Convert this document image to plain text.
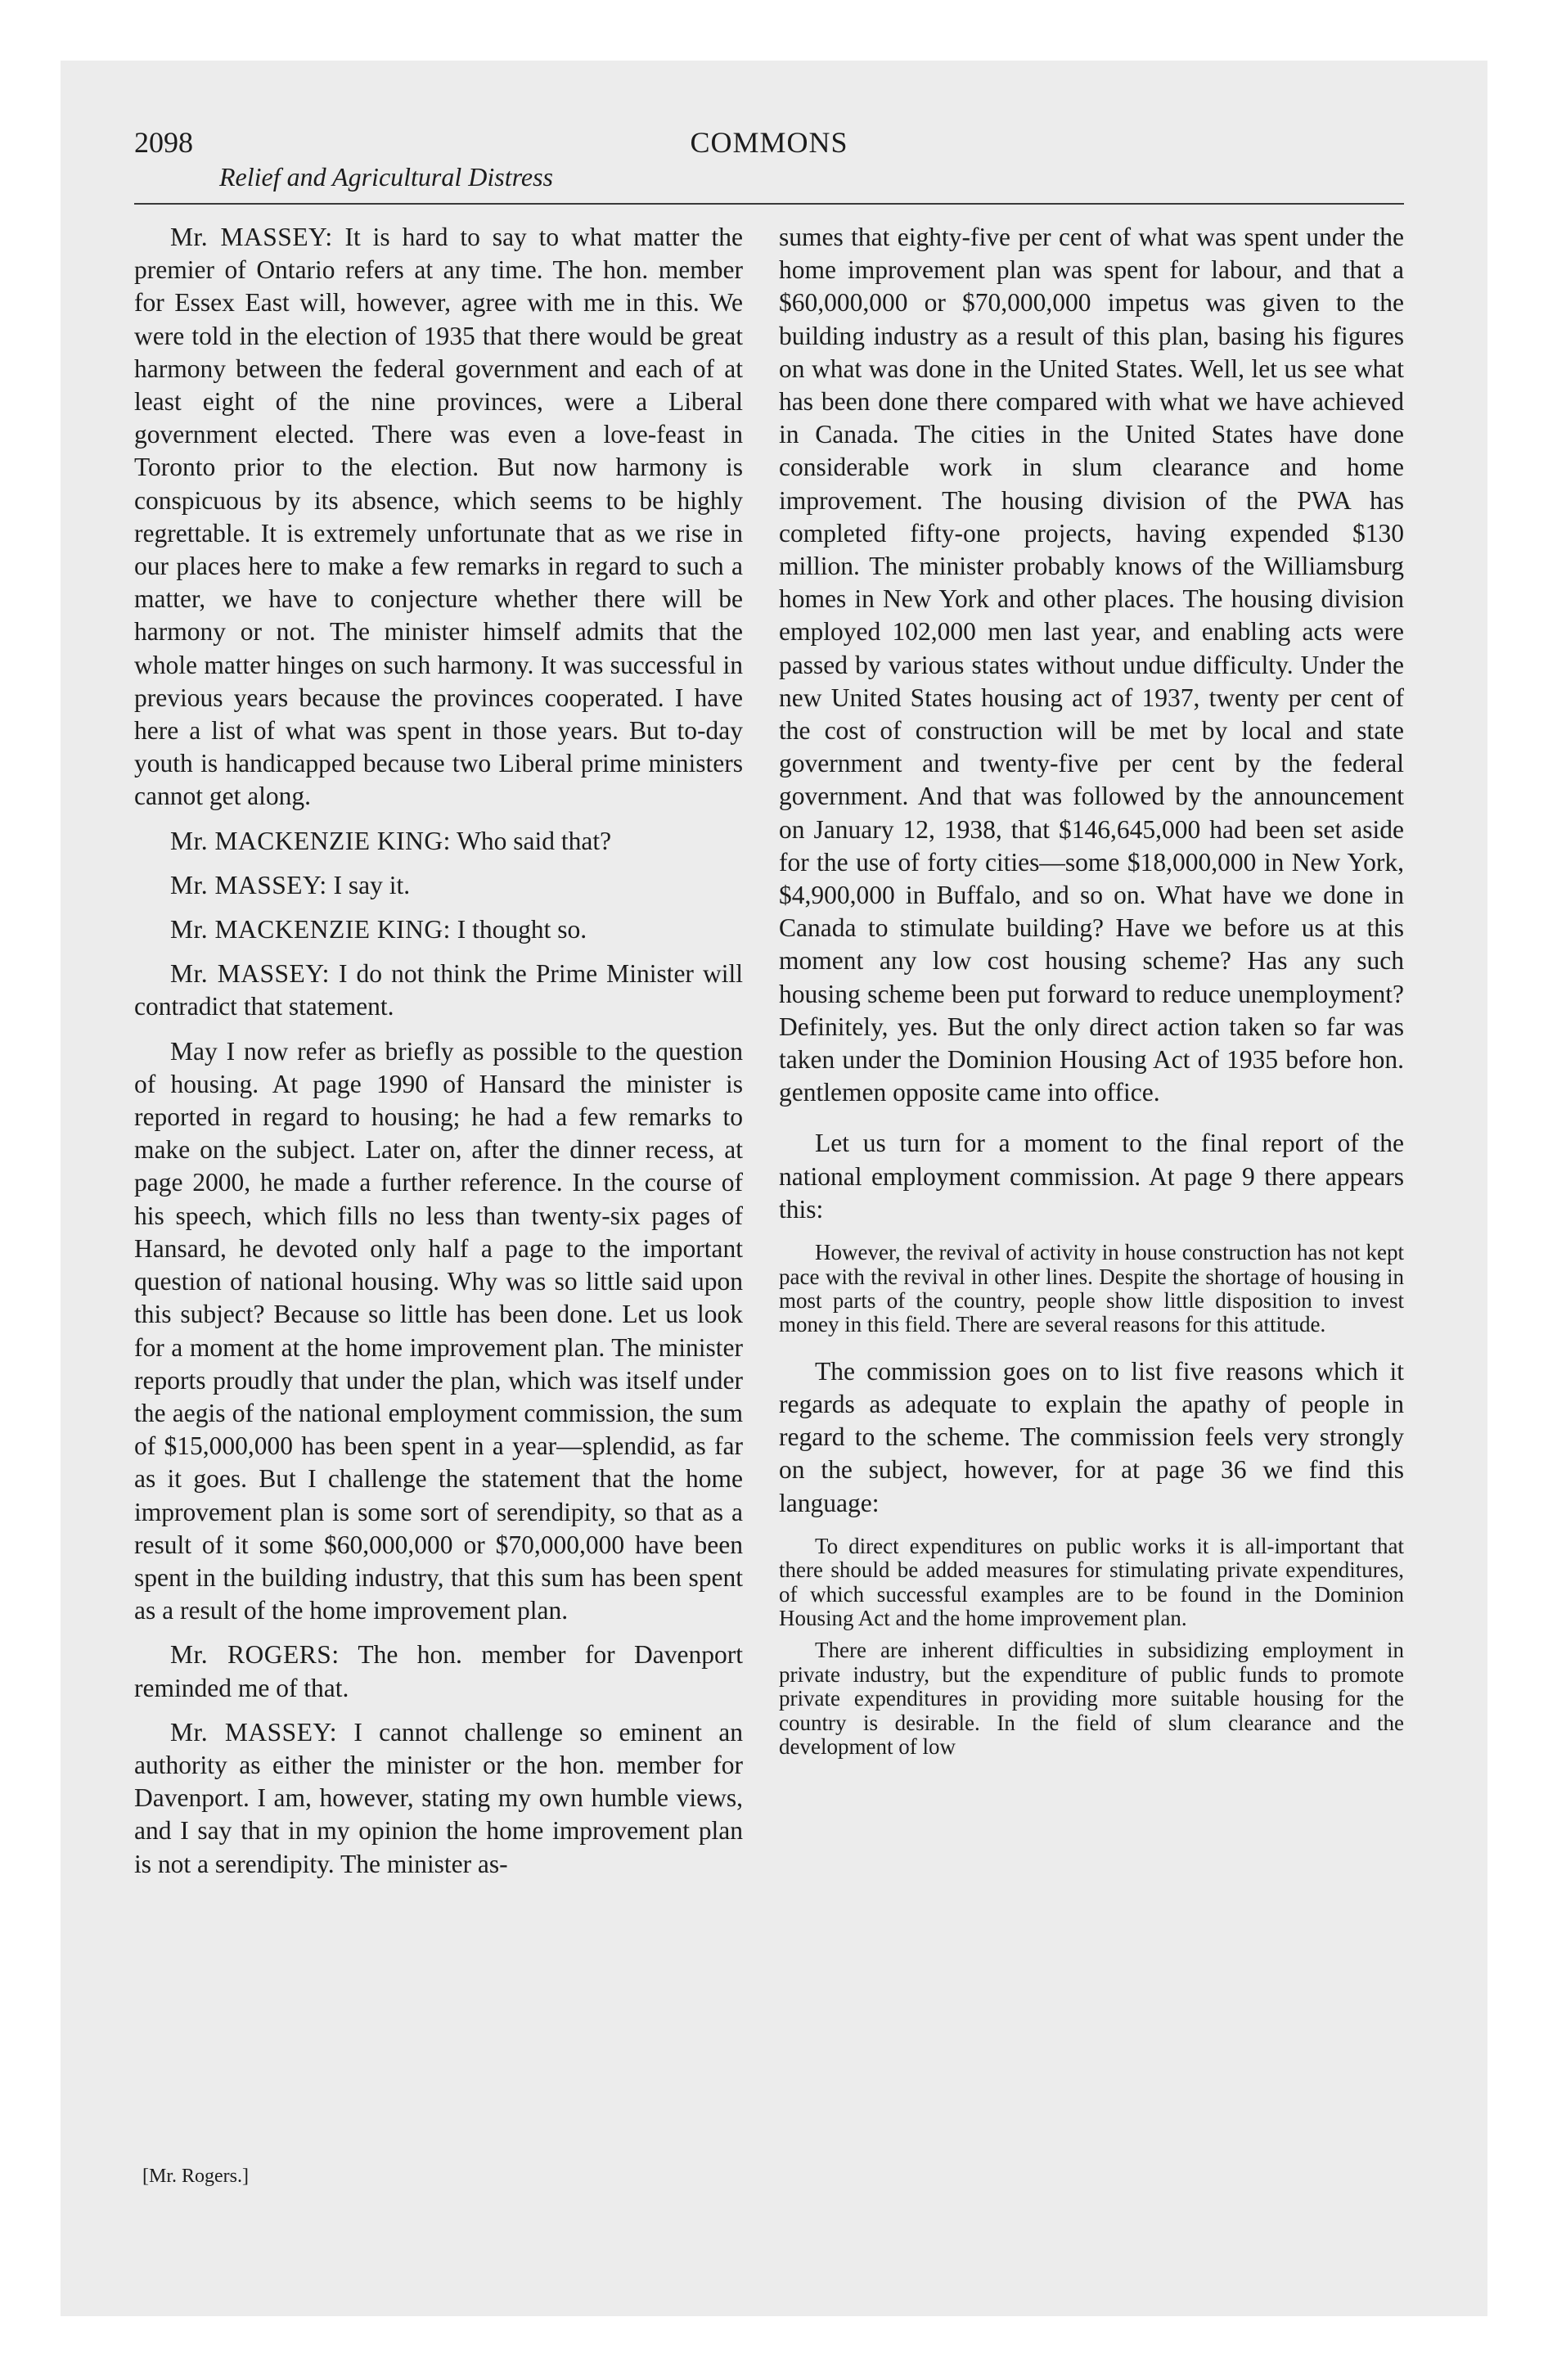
2098	COMMONS
Relief and Agricultural Distress

Mr. MASSEY: It is hard to say to what matter the premier of Ontario refers at any time. The hon. member for Essex East will, however, agree with me in this. We were told in the election of 1935 that there would be great harmony between the federal government and each of at least eight of the nine provinces, were a Liberal government elected. There was even a love-feast in Toronto prior to the election. But now harmony is conspicuous by its absence, which seems to be highly regrettable. It is extremely unfortunate that as we rise in our places here to make a few remarks in regard to such a matter, we have to conjecture whether there will be harmony or not. The minister himself admits that the whole matter hinges on such harmony. It was successful in previous years because the provinces cooperated. I have here a list of what was spent in those years. But to-day youth is handicapped because two Liberal prime ministers cannot get along.

Mr. MACKENZIE KING: Who said that?

Mr. MASSEY: I say it.

Mr. MACKENZIE KING: I thought so.

Mr. MASSEY: I do not think the Prime Minister will contradict that statement.

May I now refer as briefly as possible to the question of housing. At page 1990 of Hansard the minister is reported in regard to housing; he had a few remarks to make on the subject. Later on, after the dinner recess, at page 2000, he made a further reference. In the course of his speech, which fills no less than twenty-six pages of Hansard, he devoted only half a page to the important question of national housing. Why was so little said upon this subject? Because so little has been done. Let us look for a moment at the home improvement plan. The minister reports proudly that under the plan, which was itself under the aegis of the national employment commission, the sum of $15,000,000 has been spent in a year—splendid, as far as it goes. But I challenge the statement that the home improvement plan is some sort of serendipity, so that as a result of it some $60,000,000 or $70,000,000 have been spent in the building industry, that this sum has been spent as a result of the home improvement plan.

Mr. ROGERS: The hon. member for Davenport reminded me of that.

Mr. MASSEY: I cannot challenge so eminent an authority as either the minister or the hon. member for Davenport. I am, however, stating my own humble views, and I say that in my opinion the home improvement plan is not a serendipity. The minister as-

sumes that eighty-five per cent of what was spent under the home improvement plan was spent for labour, and that a $60,000,000 or $70,000,000 impetus was given to the building industry as a result of this plan, basing his figures on what was done in the United States. Well, let us see what has been done there compared with what we have achieved in Canada. The cities in the United States have done considerable work in slum clearance and home improvement. The housing division of the PWA has completed fifty-one projects, having expended $130 million. The minister probably knows of the Williamsburg homes in New York and other places. The housing division employed 102,000 men last year, and enabling acts were passed by various states without undue difficulty. Under the new United States housing act of 1937, twenty per cent of the cost of construction will be met by local and state government and twenty-five per cent by the federal government. And that was followed by the announcement on January 12, 1938, that $146,645,000 had been set aside for the use of forty cities—some $18,000,000 in New York, $4,900,000 in Buffalo, and so on. What have we done in Canada to stimulate building? Have we before us at this moment any low cost housing scheme? Has any such housing scheme been put forward to reduce unemployment? Definitely, yes. But the only direct action taken so far was taken under the Dominion Housing Act of 1935 before hon. gentlemen opposite came into office.

Let us turn for a moment to the final report of the national employment commission. At page 9 there appears this:

However, the revival of activity in house construction has not kept pace with the revival in other lines. Despite the shortage of housing in most parts of the country, people show little disposition to invest money in this field. There are several reasons for this attitude.

The commission goes on to list five reasons which it regards as adequate to explain the apathy of people in regard to the scheme. The commission feels very strongly on the subject, however, for at page 36 we find this language:

To direct expenditures on public works it is all-important that there should be added measures for stimulating private expenditures, of which successful examples are to be found in the Dominion Housing Act and the home improvement plan.

There are inherent difficulties in subsidizing employment in private industry, but the expenditure of public funds to promote private expenditures in providing more suitable housing for the country is desirable. In the field of slum clearance and the development of low

[Mr. Rogers.]
